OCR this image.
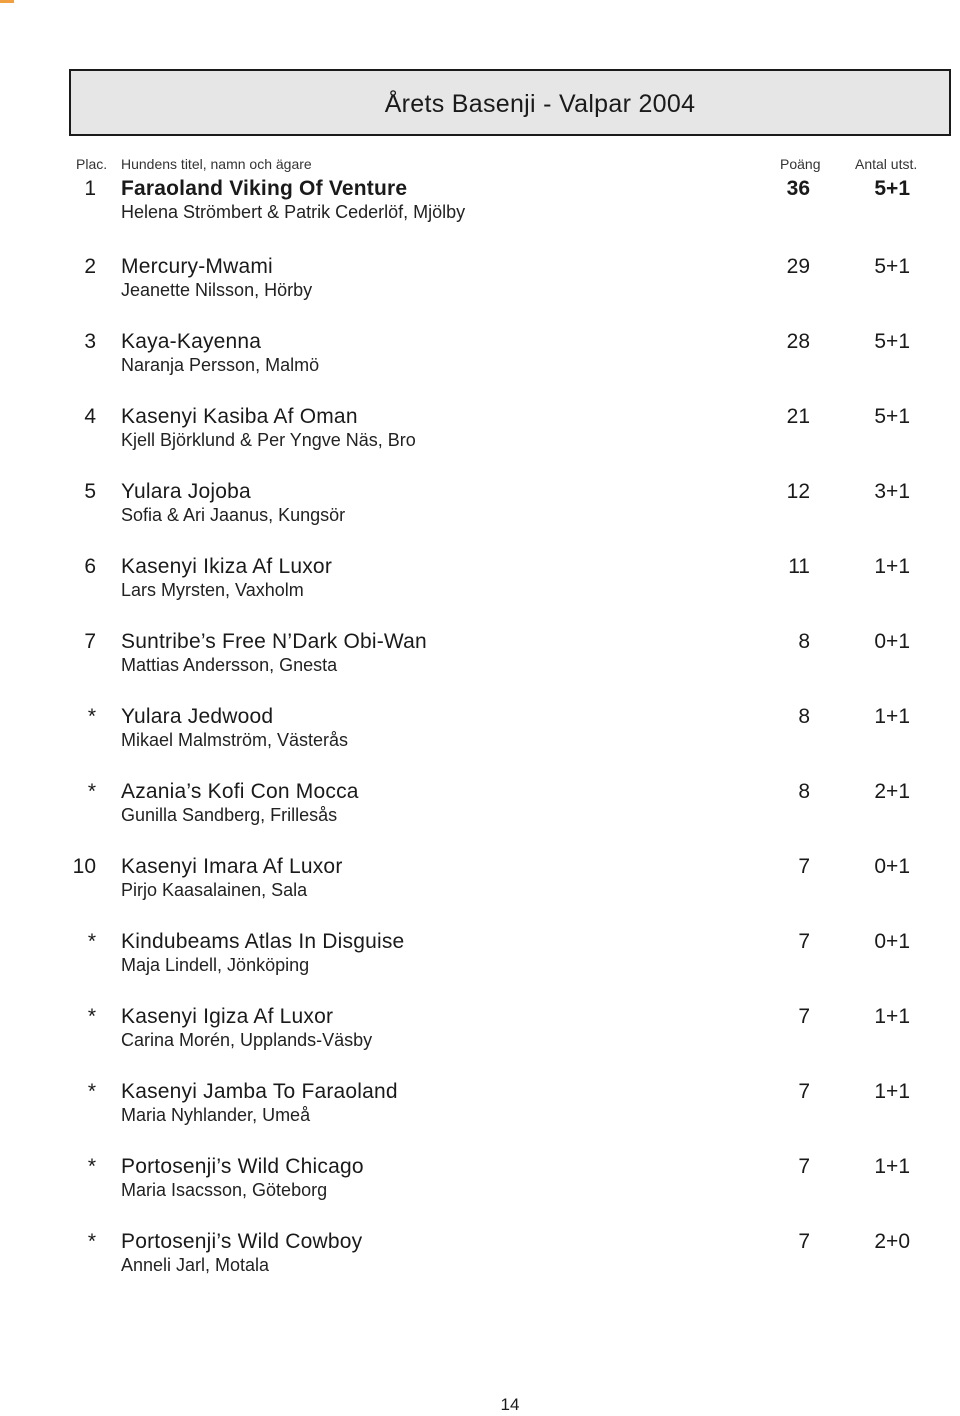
Årets Basenji - Valpar 2004
Plac. Hundens titel, namn och ägare	Poäng Antal utst.
1 Faraoland Viking Of Venture
Helena Strömbert & Patrik Cederlöf, Mjölby
36	5+1
2 Mercury-Mwami
Jeanette Nilsson, Hörby
29	5+1
3 Kaya-Kayenna
Naranja Persson, Malmö
28	5+1
4 Kasenyi Kasiba Af Oman
Kjell Björklund & Per Yngve Näs, Bro
21	5+1
5 Yulara Jojoba
Sofia & Ari Jaanus, Kungsör
12	3+1
6 Kasenyi Ikiza Af Luxor
Lars Myrsten, Vaxholm
11	1+1
7 Suntribe’s Free N’Dark Obi-Wan
Mattias Andersson, Gnesta
8	0+1
* Yulara Jedwood
Mikael Malmström, Västerås
8	1+1
* Azania’s Kofi Con Mocca
Gunilla Sandberg, Frillesås
8	2+1
10 Kasenyi Imara Af Luxor
Pirjo Kaasalainen, Sala
7	0+1
* Kindubeams Atlas In Disguise
Maja Lindell, Jönköping
7	0+1
* Kasenyi Igiza Af Luxor
Carina Morén, Upplands-Väsby
7	1+1
* Kasenyi Jamba To Faraoland
Maria Nyhlander, Umeå
7	1+1
* Portosenji’s Wild Chicago
Maria Isacsson, Göteborg
7	1+1
* Portosenji’s Wild Cowboy
Anneli Jarl, Motala
7	2+0
14
